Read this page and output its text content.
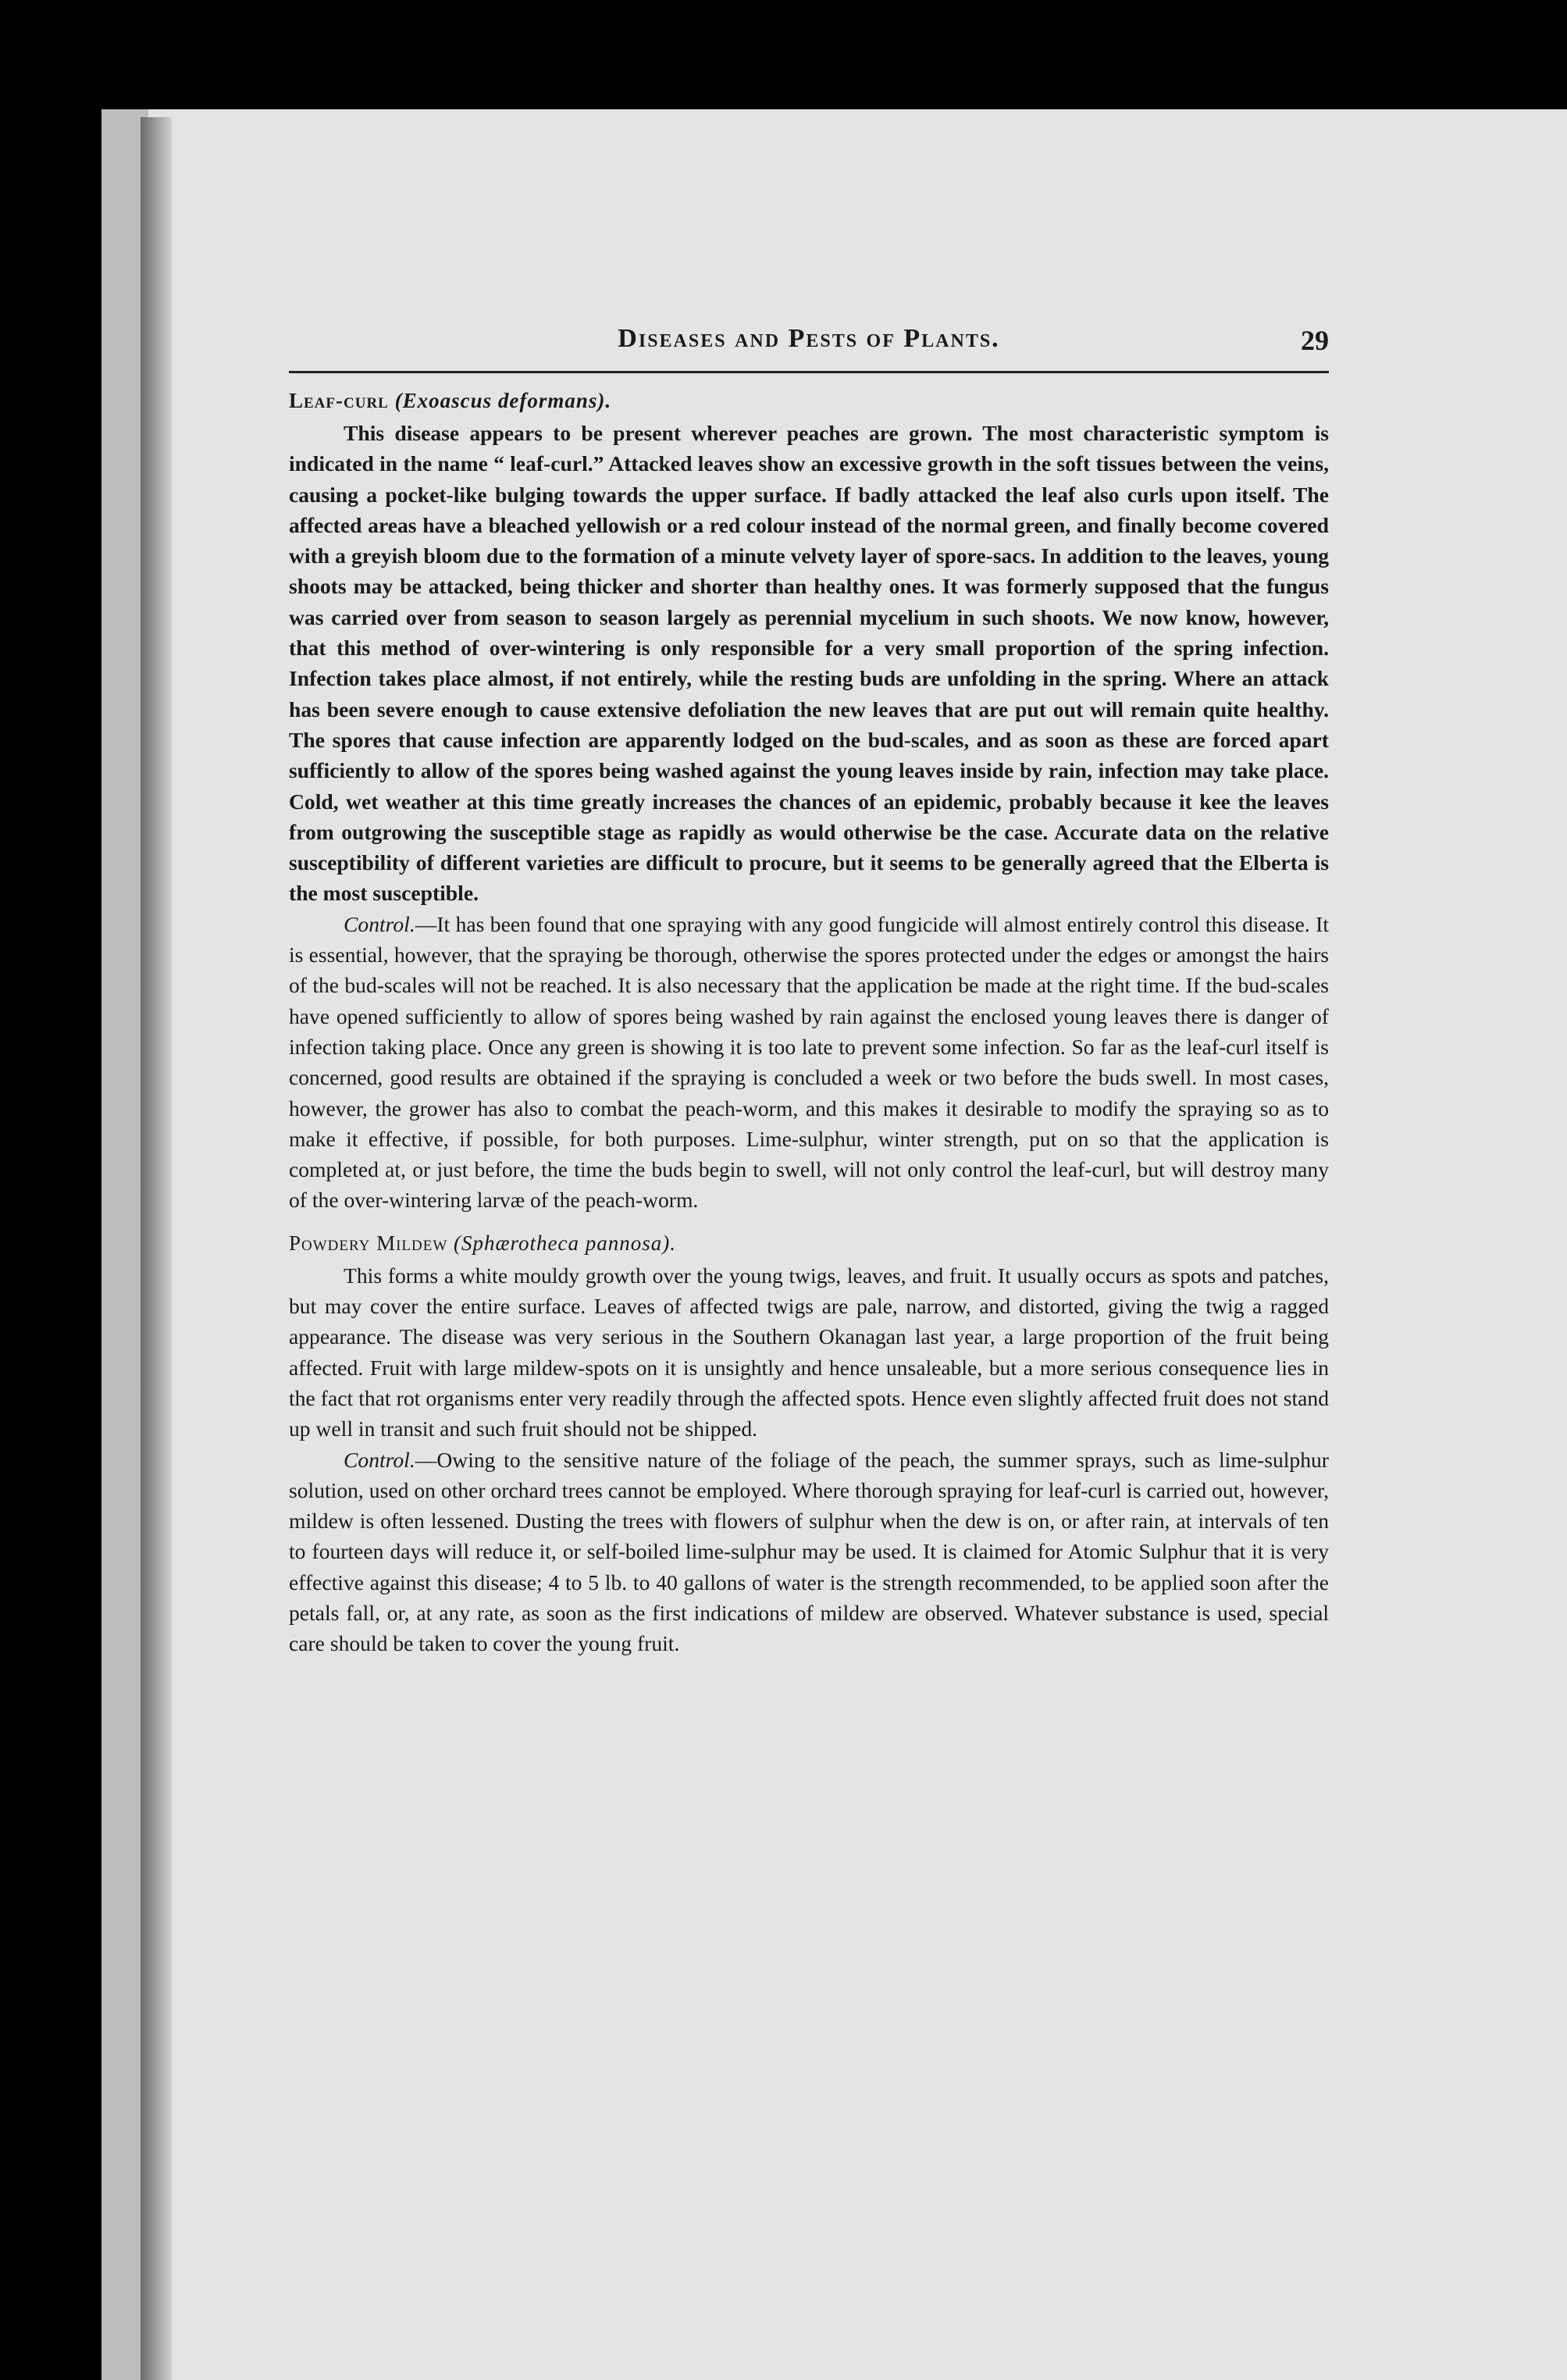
Diseases and Pests of Plants.	29
Leaf-curl (Exoascus deformans).

This disease appears to be present wherever peaches are grown. The most characteristic symptom is indicated in the name “ leaf-curl.” Attacked leaves show an excessive growth in the soft tissues between the veins, causing a pocket-like bulging towards the upper surface. If badly attacked the leaf also curls upon itself. The affected areas have a bleached yellowish or a red colour instead of the normal green, and finally become covered with a greyish bloom due to the formation of a minute velvety layer of spore-sacs. In addition to the leaves, young shoots may be attacked, being thicker and shorter than healthy ones. It was formerly supposed that the fungus was carried over from season to season largely as perennial mycelium in such shoots. We now know, however, that this method of over-wintering is only responsible for a very small proportion of the spring infection. Infection takes place almost, if not entirely, while the resting buds are unfolding in the spring. Where an attack has been severe enough to cause extensive defoliation the new leaves that are put out will remain quite healthy. The spores that cause infection are apparently lodged on the bud-scales, and as soon as these are forced apart sufficiently to allow of the spores being washed against the young leaves inside by rain, infection may take place. Cold, wet weather at this time greatly increases the chances of an epidemic, probably because it kee the leaves from outgrowing the susceptible stage as rapidly as would otherwise be the case. Accurate data on the relative susceptibility of different varieties are difficult to procure, but it seems to be generally agreed that the Elberta is the most susceptible.

Control.—It has been found that one spraying with any good fungicide will almost entirely control this disease. It is essential, however, that the spraying be thorough, otherwise the spores protected under the edges or amongst the hairs of the bud-scales will not be reached. It is also necessary that the application be made at the right time. If the bud-scales have opened sufficiently to allow of spores being washed by rain against the enclosed young leaves there is danger of infection taking place. Once any green is showing it is too late to prevent some infection. So far as the leaf-curl itself is concerned, good results are obtained if the spraying is concluded a week or two before the buds swell. In most cases, however, the grower has also to combat the peach-worm, and this makes it desirable to modify the spraying so as to make it effective, if possible, for both purposes. Lime-sulphur, winter strength, put on so that the application is completed at, or just before, the time the buds begin to swell, will not only control the leaf-curl, but will destroy many of the over-wintering larvæ of the peach-worm.

Powdery Mildew (Sphærotheca pannosa).

This forms a white mouldy growth over the young twigs, leaves, and fruit. It usually occurs as spots and patches, but may cover the entire surface. Leaves of affected twigs are pale, narrow, and distorted, giving the twig a ragged appearance. The disease was very serious in the Southern Okanagan last year, a large proportion of the fruit being affected. Fruit with large mildew-spots on it is unsightly and hence unsaleable, but a more serious consequence lies in the fact that rot organisms enter very readily through the affected spots. Hence even slightly affected fruit does not stand up well in transit and such fruit should not be shipped.

Control.—Owing to the sensitive nature of the foliage of the peach, the summer sprays, such as lime-sulphur solution, used on other orchard trees cannot be employed. Where thorough spraying for leaf-curl is carried out, however, mildew is often lessened. Dusting the trees with flowers of sulphur when the dew is on, or after rain, at intervals of ten to fourteen days will reduce it, or self-boiled lime-sulphur may be used. It is claimed for Atomic Sulphur that it is very effective against this disease; 4 to 5 lb. to 40 gallons of water is the strength recommended, to be applied soon after the petals fall, or, at any rate, as soon as the first indications of mildew are observed. Whatever substance is used, special care should be taken to cover the young fruit.
